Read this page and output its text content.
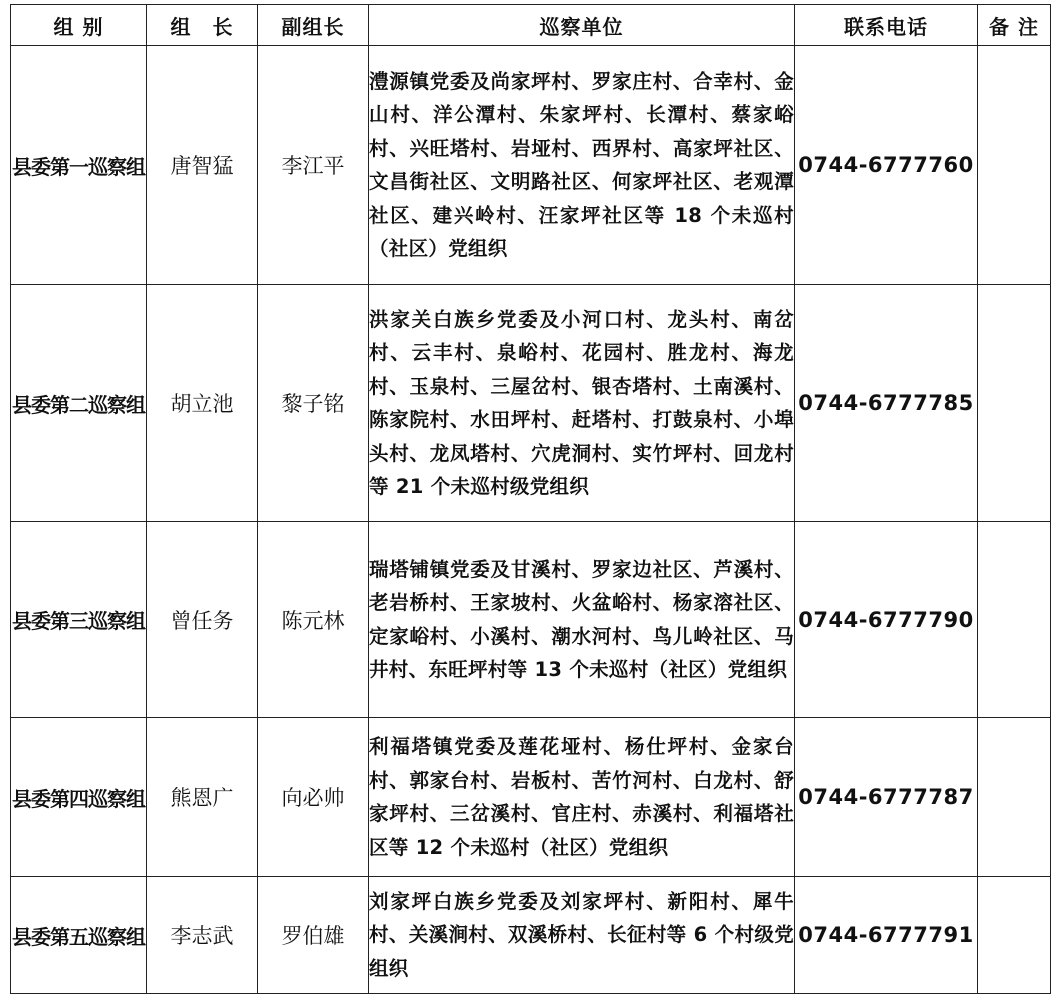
组 别	组　长	副组长	巡察单位	联系电话	备 注
县委第一巡察组	唐智猛	李江平	澧源镇党委及尚家坪村、罗家庄村、合幸村、金山村、洋公潭村、朱家坪村、长潭村、蔡家峪村、兴旺塔村、岩垭村、西界村、高家坪社区、文昌街社区、文明路社区、何家坪社区、老观潭社区、建兴岭村、汪家坪社区等 18 个未巡村（社区）党组织	0744-6777760	
县委第二巡察组	胡立池	黎子铭	洪家关白族乡党委及小河口村、龙头村、南岔村、云丰村、泉峪村、花园村、胜龙村、海龙村、玉泉村、三屋岔村、银杏塔村、土南溪村、陈家院村、水田坪村、赶塔村、打鼓泉村、小埠头村、龙凤塔村、穴虎洞村、实竹坪村、回龙村等 21 个未巡村级党组织	0744-6777785	
县委第三巡察组	曾任务	陈元林	瑞塔铺镇党委及甘溪村、罗家边社区、芦溪村、老岩桥村、王家坡村、火盆峪村、杨家溶社区、定家峪村、小溪村、潮水河村、鸟儿岭社区、马井村、东旺坪村等 13 个未巡村（社区）党组织	0744-6777790	
县委第四巡察组	熊恩广	向必帅	利福塔镇党委及莲花垭村、杨仕坪村、金家台村、郭家台村、岩板村、苦竹河村、白龙村、舒家坪村、三岔溪村、官庄村、赤溪村、利福塔社区等 12 个未巡村（社区）党组织	0744-6777787	
县委第五巡察组	李志武	罗伯雄	刘家坪白族乡党委及刘家坪村、新阳村、犀牛村、关溪涧村、双溪桥村、长征村等 6 个村级党组织	0744-6777791	
